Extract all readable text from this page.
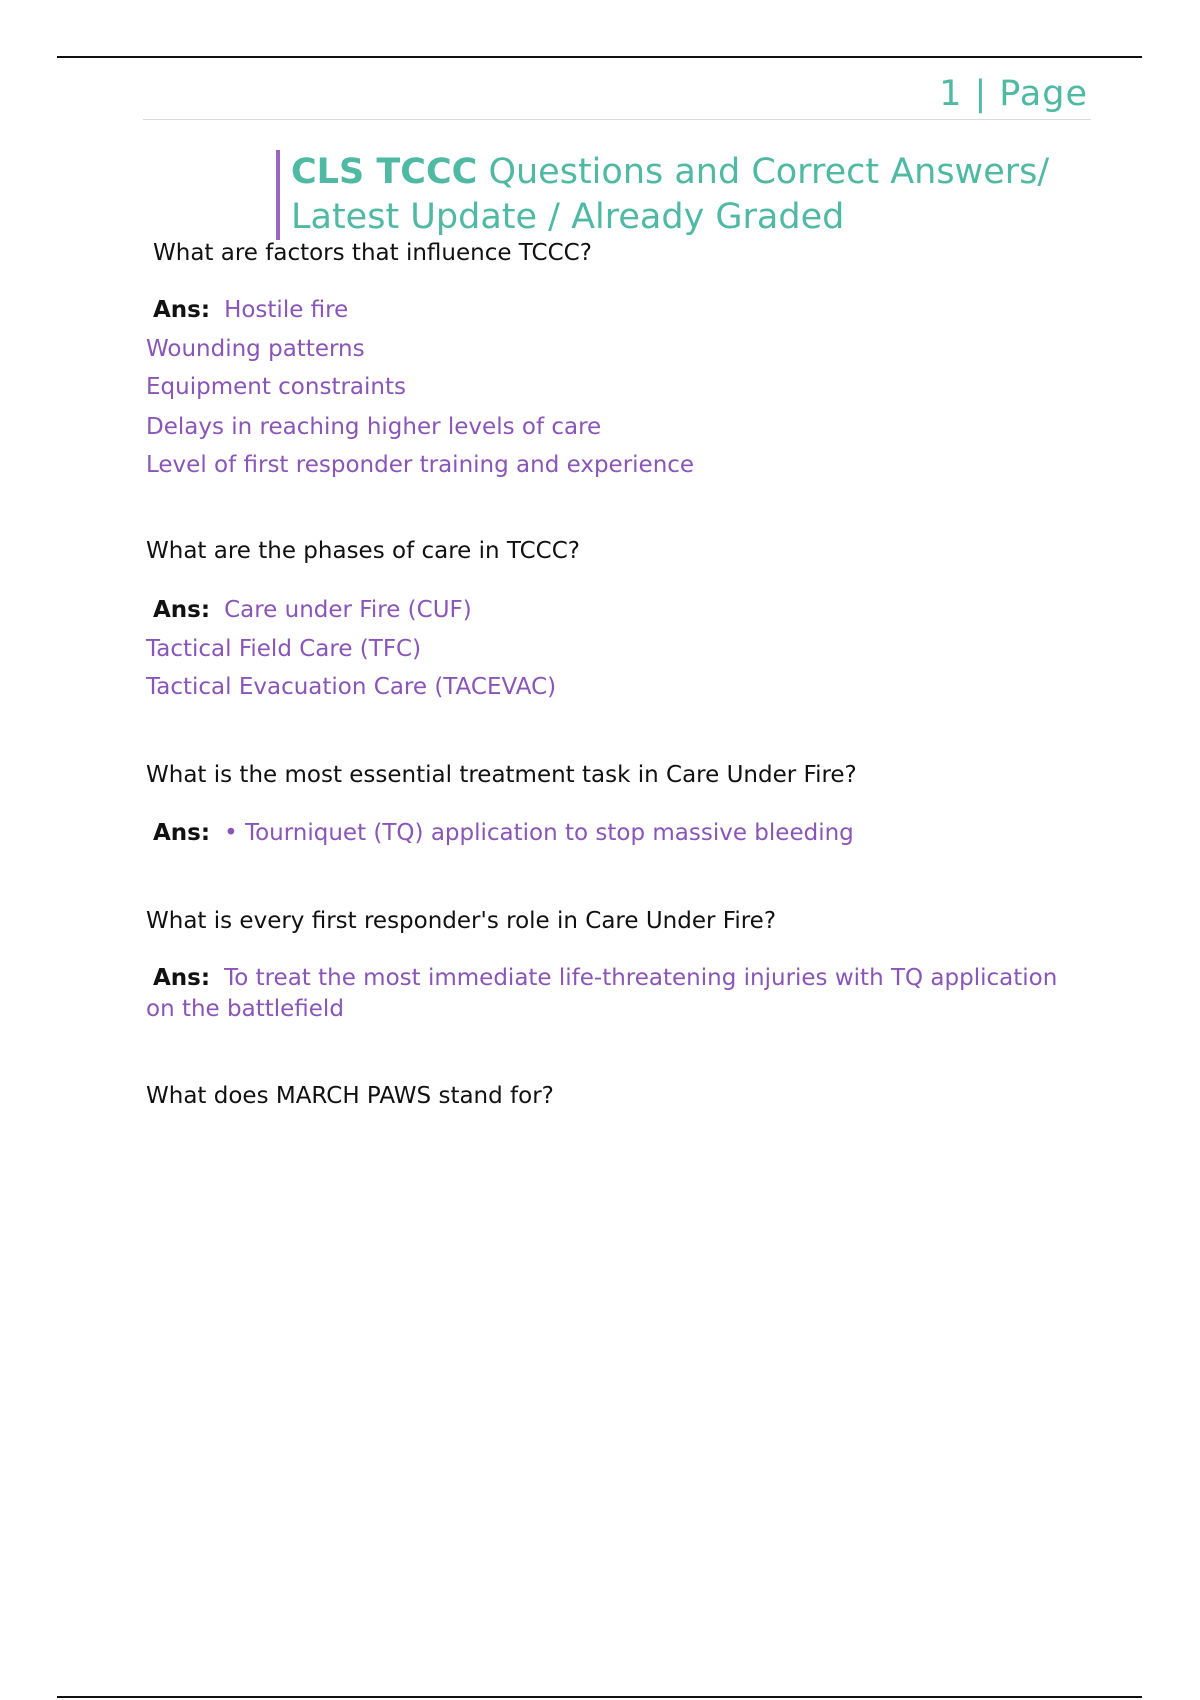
1 | Page
CLS TCCC Questions and Correct Answers/ Latest Update / Already Graded
What are factors that influence TCCC?
Ans: Hostile fire
Wounding patterns
Equipment constraints
Delays in reaching higher levels of care
Level of first responder training and experience
What are the phases of care in TCCC?
Ans: Care under Fire (CUF)
Tactical Field Care (TFC)
Tactical Evacuation Care (TACEVAC)
What is the most essential treatment task in Care Under Fire?
Ans: • Tourniquet (TQ) application to stop massive bleeding
What is every first responder's role in Care Under Fire?
Ans: To treat the most immediate life-threatening injuries with TQ application on the battlefield
What does MARCH PAWS stand for?
